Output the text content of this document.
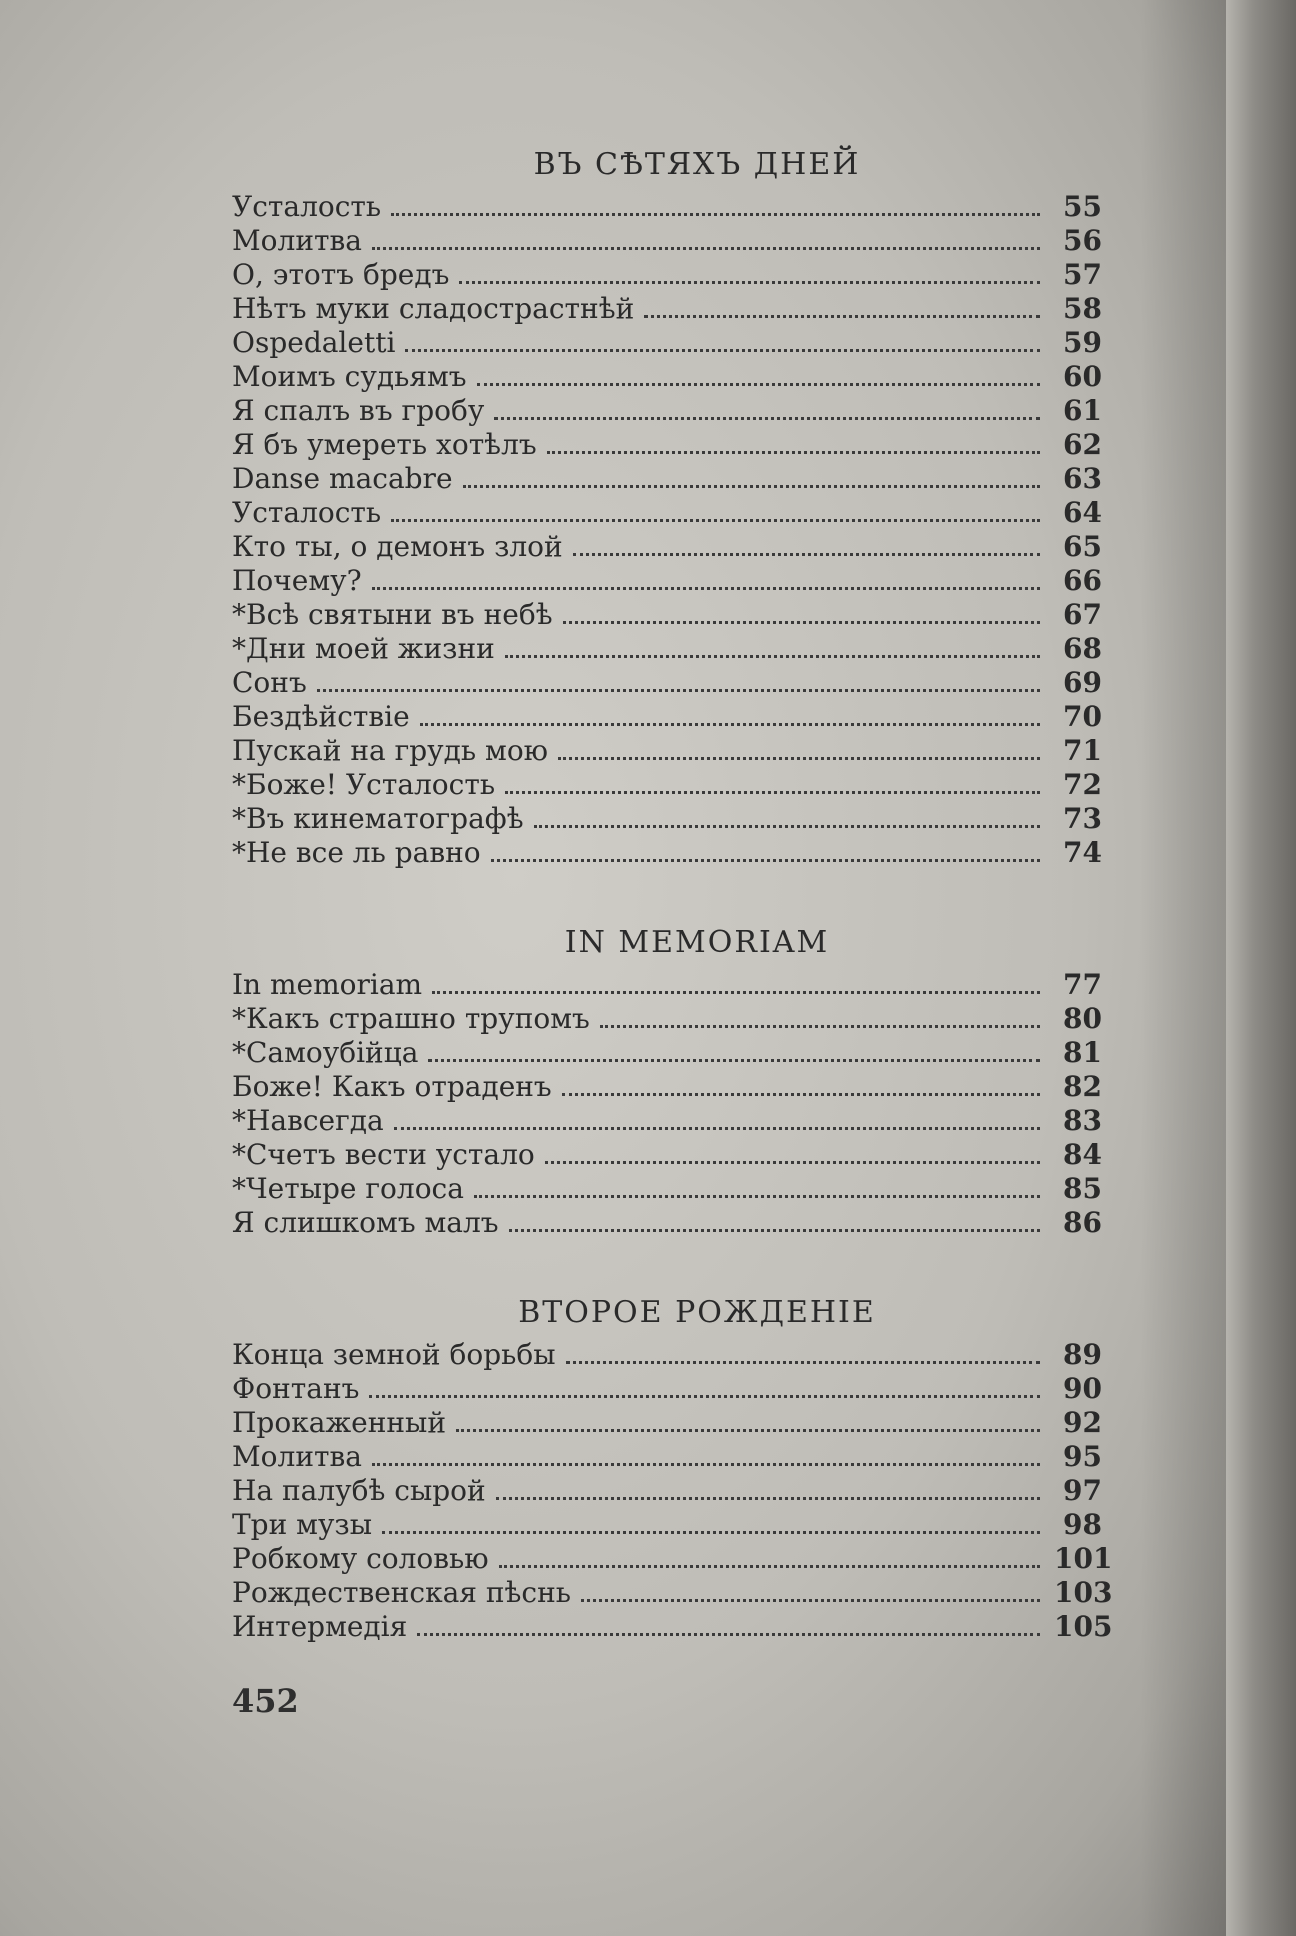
ВЪ СѢТЯХЪ ДНЕЙ
Усталость	55
Молитва	56
О, этотъ бредъ	57
Нѣтъ муки сладострастнѣй	58
Ospedaletti	59
Моимъ судьямъ	60
Я спалъ въ гробу	61
Я бъ умереть хотѣлъ	62
Danse macabre	63
Усталость	64
Кто ты, о демонъ злой	65
Почему?	66
*Всѣ святыни въ небѣ	67
*Дни моей жизни	68
Сонъ	69
Бездѣйствіе	70
Пускай на грудь мою	71
*Боже! Усталость	72
*Въ кинематографѣ	73
*Не все ль равно	74
IN MEMORIAM
In memoriam	77
*Какъ страшно трупомъ	80
*Самоубійца	81
Боже! Какъ отраденъ	82
*Навсегда	83
*Счетъ вести устало	84
*Четыре голоса	85
Я слишкомъ малъ	86
ВТОРОЕ РОЖДЕНІЕ
Конца земной борьбы	89
Фонтанъ	90
Прокаженный	92
Молитва	95
На палубѣ сырой	97
Три музы	98
Робкому соловью	101
Рождественская пѣснь	103
Интермедія	105
452
